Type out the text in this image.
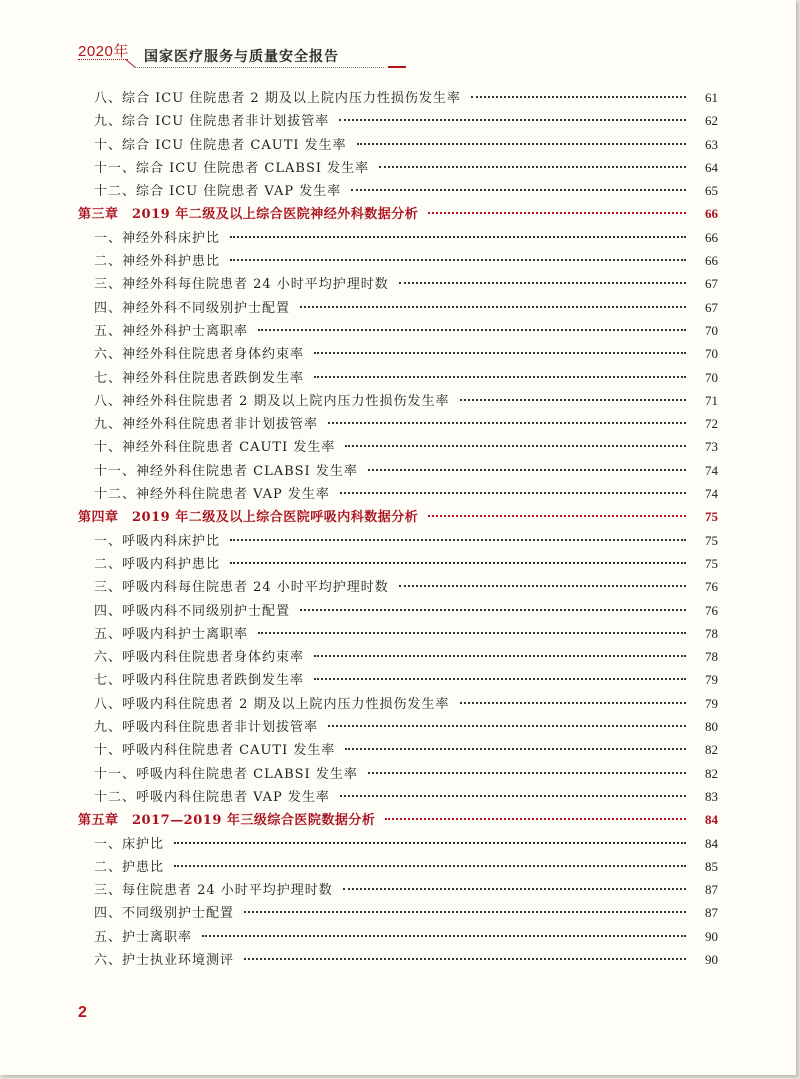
2020年 国家医疗服务与质量安全报告
八、综合 ICU 住院患者 2 期及以上院内压力性损伤发生率	61
九、综合 ICU 住院患者非计划拔管率	62
十、综合 ICU 住院患者 CAUTI 发生率	63
十一、综合 ICU 住院患者 CLABSI 发生率	64
十二、综合 ICU 住院患者 VAP 发生率	65
第三章　2019 年二级及以上综合医院神经外科数据分析	66
一、神经外科床护比	66
二、神经外科护患比	66
三、神经外科每住院患者 24 小时平均护理时数	67
四、神经外科不同级别护士配置	67
五、神经外科护士离职率	70
六、神经外科住院患者身体约束率	70
七、神经外科住院患者跌倒发生率	70
八、神经外科住院患者 2 期及以上院内压力性损伤发生率	71
九、神经外科住院患者非计划拔管率	72
十、神经外科住院患者 CAUTI 发生率	73
十一、神经外科住院患者 CLABSI 发生率	74
十二、神经外科住院患者 VAP 发生率	74
第四章　2019 年二级及以上综合医院呼吸内科数据分析	75
一、呼吸内科床护比	75
二、呼吸内科护患比	75
三、呼吸内科每住院患者 24 小时平均护理时数	76
四、呼吸内科不同级别护士配置	76
五、呼吸内科护士离职率	78
六、呼吸内科住院患者身体约束率	78
七、呼吸内科住院患者跌倒发生率	79
八、呼吸内科住院患者 2 期及以上院内压力性损伤发生率	79
九、呼吸内科住院患者非计划拔管率	80
十、呼吸内科住院患者 CAUTI 发生率	82
十一、呼吸内科住院患者 CLABSI 发生率	82
十二、呼吸内科住院患者 VAP 发生率	83
第五章　2017—2019 年三级综合医院数据分析	84
一、床护比	84
二、护患比	85
三、每住院患者 24 小时平均护理时数	87
四、不同级别护士配置	87
五、护士离职率	90
六、护士执业环境测评	90
2
